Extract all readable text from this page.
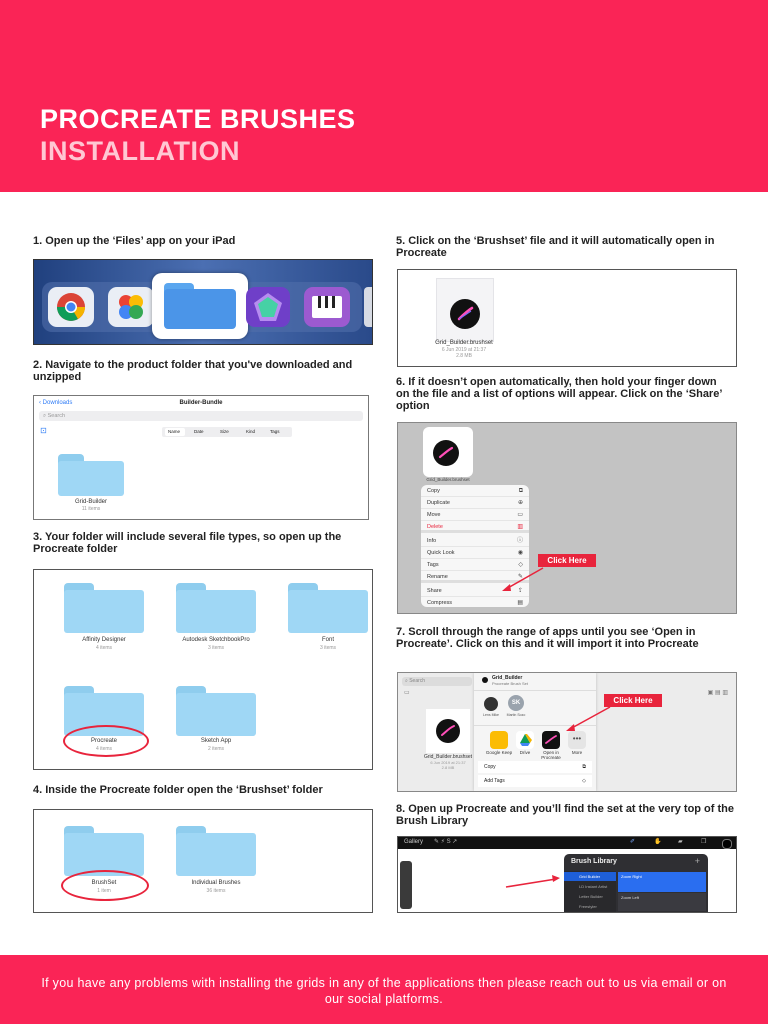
PROCREATE BRUSHES
INSTALLATION
1. Open up the ‘Files’ app on your iPad
2. Navigate to the product folder that you've downloaded and unzipped
‹ Downloads	Builder-Bundle
⌕ Search
⊡	Name	Date	Size	Kind	Tags
Grid-Builder
11 items
3. Your folder will include several file types, so open up the Procreate folder
Affinity Designer
4 items
Autodesk SketchbookPro
3 items
Font
3 items
Procreate
4 items
Sketch App
2 items
4. Inside the Procreate folder open the ‘Brushset’ folder
BrushSet
1 item
Individual Brushes
36 items
5. Click on the ‘Brushset’ file and it will automatically open in Procreate
Grid_Builder.brushset
6 Jun 2019 at 21:37
2.8 MB
6. If it doesn’t open automatically, then hold your finger down on the file and a list of options will appear. Click on the ‘Share’ option
Grid_Builder.brushset
Copy	⧉
Duplicate	⊕
Move	▭
Delete	▥
Info	ⓘ
Quick Look	◉
Tags	◇
Rename	✎
Share	⇪
Compress	▤
Click Here
7. Scroll through the range of apps until you see ‘Open in Procreate’. Click on this and it will import it into Procreate
⌕ Search
▭	▣ ▤ ▥
Grid_Builder.brushset
6 Jun 2019 at 21:37
2.8 MB
Grid_Builder
Procreate Brush Set
Lens Mike
SK
Martin Sozo
Google Keep	Drive	Open in Procreate
•••
More
Copy	⧉
Add Tags	◇
Click Here
8. Open up Procreate and you’ll find the set at the very top of the Brush Library
Gallery ✎ ⚡ S ↗	✐	✋	▰	❐
Brush Library	+
Grid Builder
LD Instant Artist
Letter Builder
Freestyler
Zoom Right
Zoom Left
If you have any problems with installing the grids in any of the applications then please reach out to us via email or on our social platforms.
